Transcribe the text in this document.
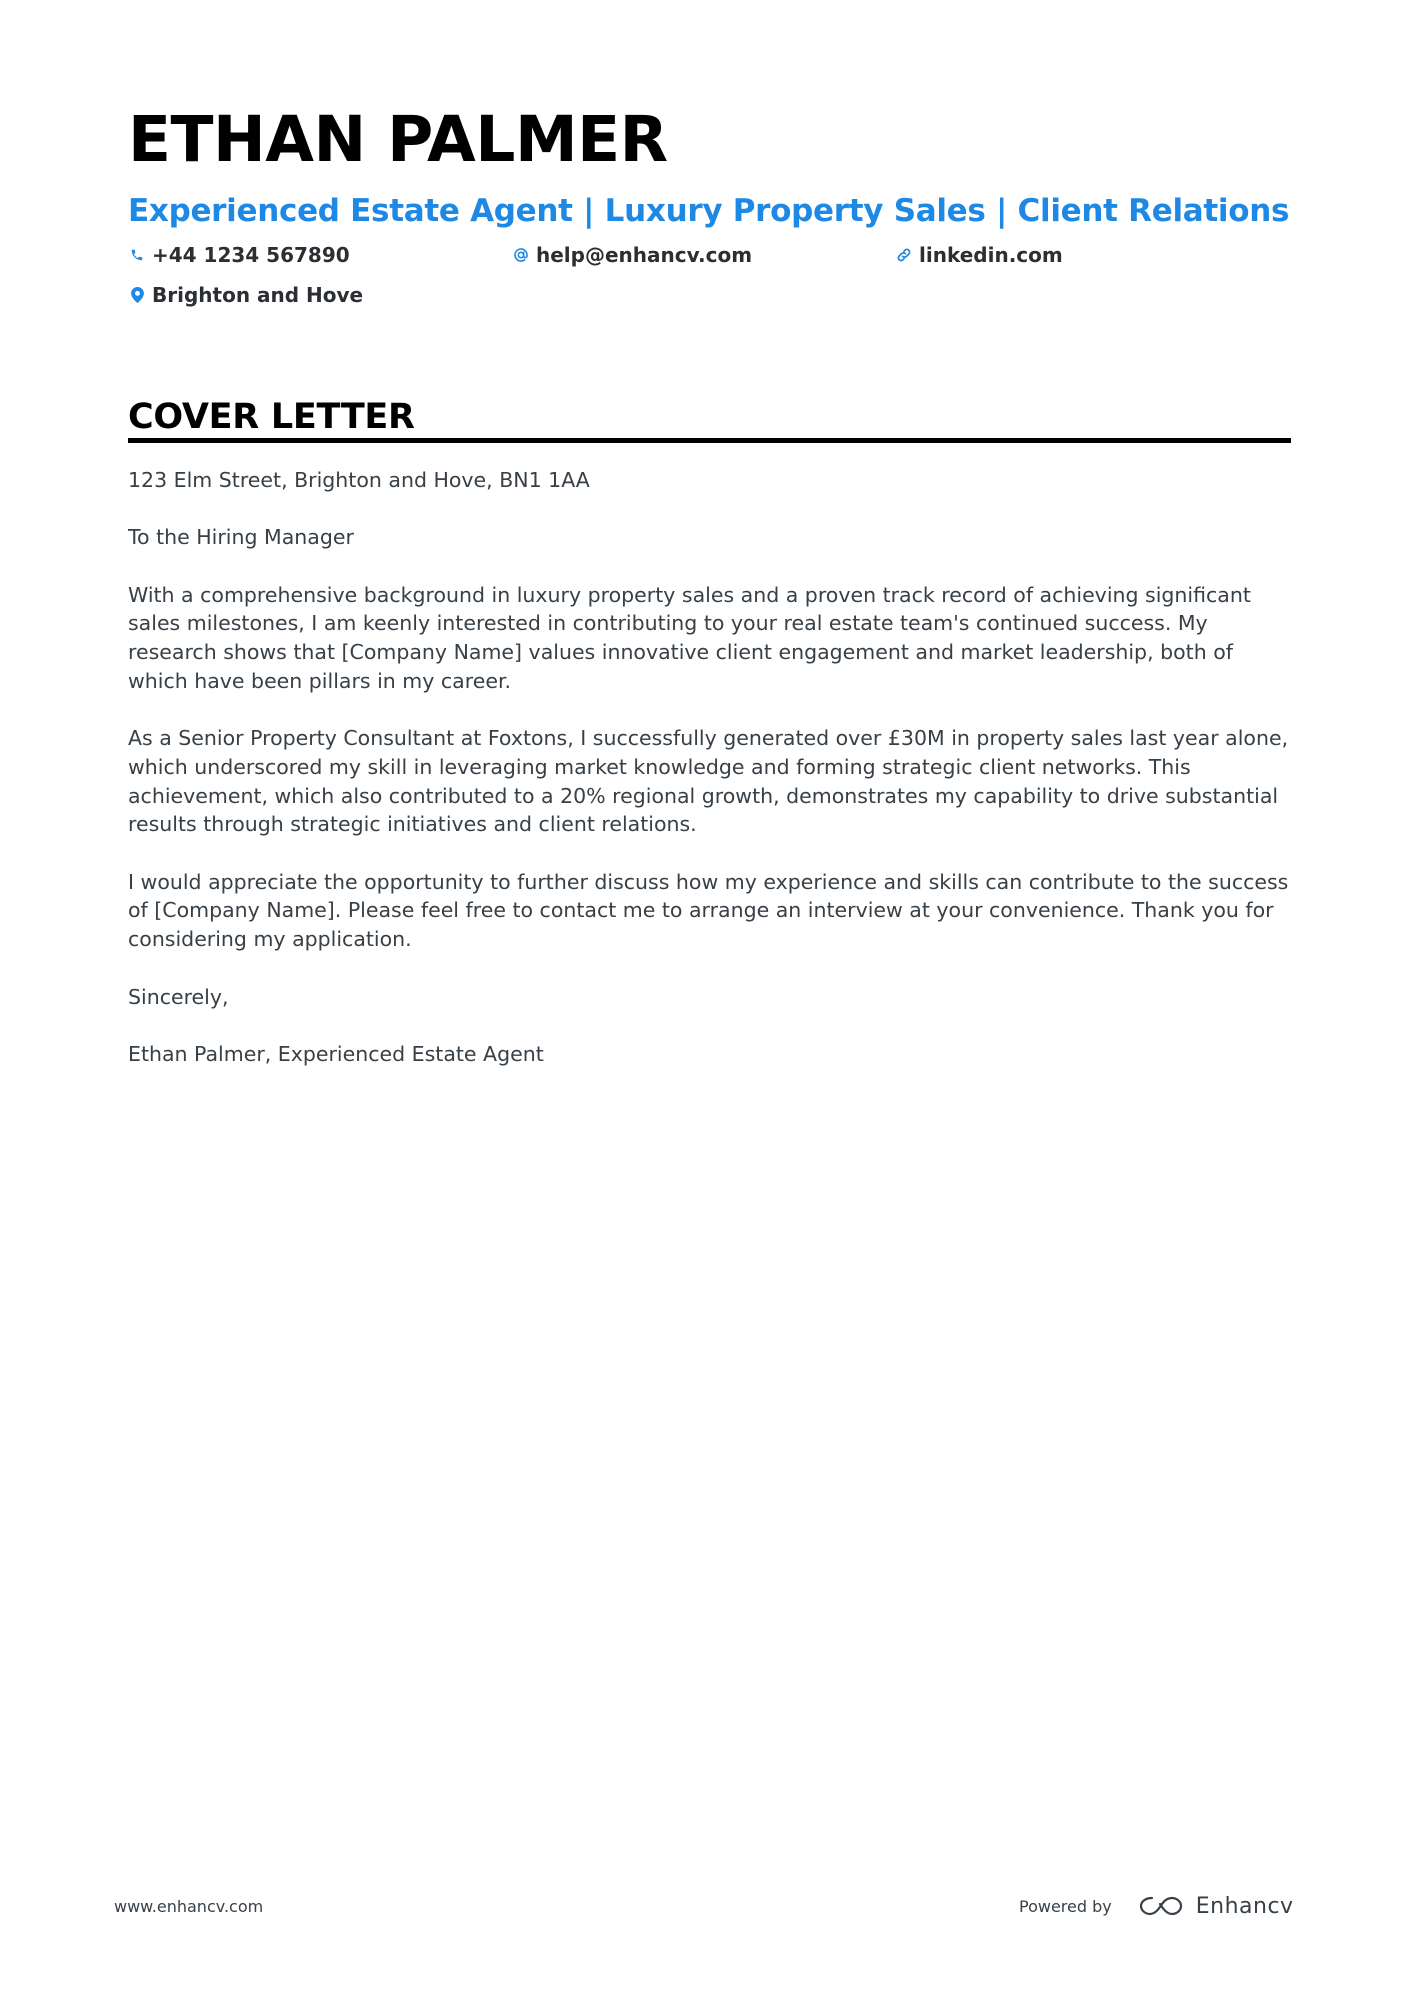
ETHAN PALMER
Experienced Estate Agent | Luxury Property Sales | Client Relations
+44 1234 567890	help@enhancv.com	linkedin.com
Brighton and Hove
COVER LETTER

123 Elm Street, Brighton and Hove, BN1 1AA

To the Hiring Manager

With a comprehensive background in luxury property sales and a proven track record of achieving significant sales milestones, I am keenly interested in contributing to your real estate team's continued success. My research shows that [Company Name] values innovative client engagement and market leadership, both of which have been pillars in my career.

As a Senior Property Consultant at Foxtons, I successfully generated over £30M in property sales last year alone, which underscored my skill in leveraging market knowledge and forming strategic client networks. This achievement, which also contributed to a 20% regional growth, demonstrates my capability to drive substantial results through strategic initiatives and client relations.

I would appreciate the opportunity to further discuss how my experience and skills can contribute to the success of [Company Name]. Please feel free to contact me to arrange an interview at your convenience. Thank you for considering my application.

Sincerely,

Ethan Palmer, Experienced Estate Agent

www.enhancv.com	Powered by	Enhancv
